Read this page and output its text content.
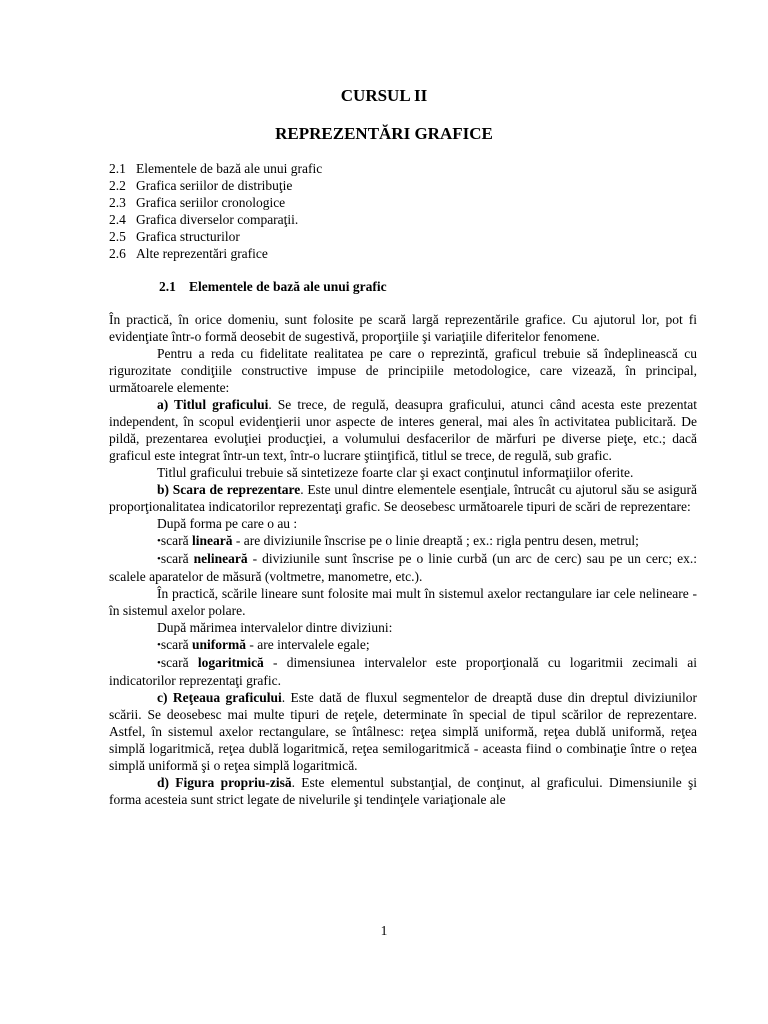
CURSUL II
REPREZENTĂRI GRAFICE
2.1 Elementele de bază ale unui grafic
2.2 Grafica seriilor de distribuţie
2.3 Grafica seriilor cronologice
2.4 Grafica diverselor comparaţii.
2.5 Grafica structurilor
2.6 Alte reprezentări grafice
2.1 Elementele de bază ale unui grafic

În practică, în orice domeniu, sunt folosite pe scară largă reprezentările grafice. Cu ajutorul lor, pot fi evidenţiate într-o formă deosebit de sugestivă, proporţiile şi variaţiile diferitelor fenomene.

Pentru a reda cu fidelitate realitatea pe care o reprezintă, graficul trebuie să îndeplinească cu rigurozitate condiţiile constructive impuse de principiile metodologice, care vizează, în principal, următoarele elemente:

a) Titlul graficului. Se trece, de regulă, deasupra graficului, atunci când acesta este prezentat independent, în scopul evidenţierii unor aspecte de interes general, mai ales în activitatea publicitară. De pildă, prezentarea evoluţiei producţiei, a volumului desfacerilor de mărfuri pe diverse pieţe, etc.; dacă graficul este integrat într-un text, într-o lucrare ştiinţifică, titlul se trece, de regulă, sub grafic.

Titlul graficului trebuie să sintetizeze foarte clar şi exact conţinutul informaţiilor oferite.

b) Scara de reprezentare. Este unul dintre elementele esenţiale, întrucât cu ajutorul său se asigură proporţionalitatea indicatorilor reprezentaţi grafic. Se deosebesc următoarele tipuri de scări de reprezentare:

După forma pe care o au :

•scară lineară - are diviziunile înscrise pe o linie dreaptă ; ex.: rigla pentru desen, metrul;

•scară nelineară - diviziunile sunt înscrise pe o linie curbă (un arc de cerc) sau pe un cerc; ex.: scalele aparatelor de măsură (voltmetre, manometre, etc.).

În practică, scările lineare sunt folosite mai mult în sistemul axelor rectangulare iar cele nelineare - în sistemul axelor polare.

După mărimea intervalelor dintre diviziuni:

•scară uniformă - are intervalele egale;

•scară logaritmică - dimensiunea intervalelor este proporţională cu logaritmii zecimali ai indicatorilor reprezentaţi grafic.

c) Reţeaua graficului. Este dată de fluxul segmentelor de dreaptă duse din dreptul diviziunilor scării. Se deosebesc mai multe tipuri de reţele, determinate în special de tipul scărilor de reprezentare. Astfel, în sistemul axelor rectangulare, se întâlnesc: reţea simplă uniformă, reţea dublă uniformă, reţea simplă logaritmică, reţea dublă logaritmică, reţea semilogaritmică - aceasta fiind o combinaţie între o reţea simplă uniformă şi o reţea simplă logaritmică.

d) Figura propriu-zisă. Este elementul substanţial, de conţinut, al graficului. Dimensiunile şi forma acesteia sunt strict legate de nivelurile şi tendinţele variaţionale ale

1
